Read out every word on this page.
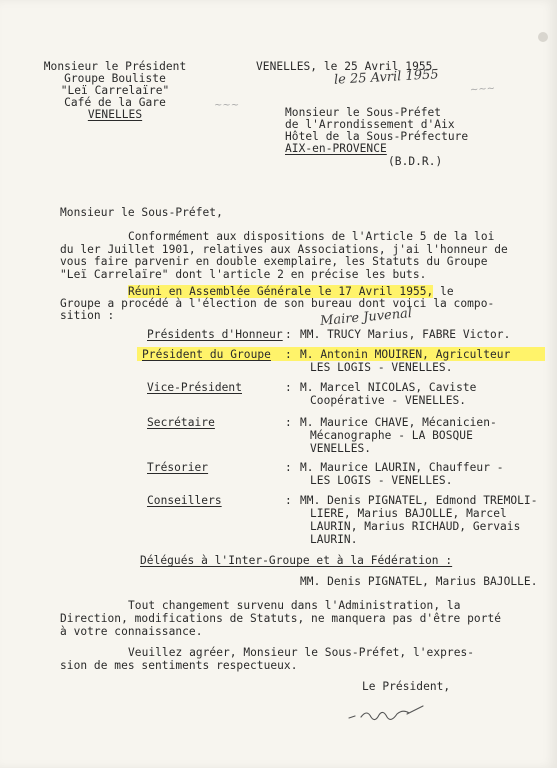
Monsieur le Président
Groupe Bouliste
"Leï Carrelaïre"
Café de la Gare
VENELLES
VENELLES, le 25 Avril 1955
le 25 Avril 1955
~~~
~~~
Monsieur le Sous-Préfet
de l'Arrondissement d'Aix
Hôtel de la Sous-Préfecture
AIX-en-PROVENCE
(B.D.R.)
Monsieur le Sous-Préfet,
Conformément aux dispositions de l'Article 5 de la loi
du ler Juillet 1901, relatives aux Associations, j'ai l'honneur de
vous faire parvenir en double exemplaire, les Statuts du Groupe
"Leï Carrelaïre" dont l'article 2 en précise les buts.
Réuni en Assemblée Générale le 17 Avril 1955, le
Groupe a procédé à l'élection de son bureau dont voici la compo-
sition :	Maire Juvenal
Présidents d'Honneur : MM. TRUCY Marius, FABRE Victor.
Président du Groupe : M. Antonin MOUIREN, Agriculteur
LES LOGIS - VENELLES.
Vice-Président	: M. Marcel NICOLAS, Caviste
Coopérative - VENELLES.
Secrétaire	: M. Maurice CHAVE, Mécanicien-
Mécanographe - LA BOSQUE
VENELLES.
Trésorier	: M. Maurice LAURIN, Chauffeur -
LES LOGIS - VENELLES.
Conseillers	: MM. Denis PIGNATEL, Edmond TREMOLI-
LIERE, Marius BAJOLLE, Marcel
LAURIN, Marius RICHAUD, Gervais
LAURIN.
Délégués à l'Inter-Groupe et à la Fédération :
MM. Denis PIGNATEL, Marius BAJOLLE.
Tout changement survenu dans l'Administration, la
Direction, modifications de Statuts, ne manquera pas d'être porté
à votre connaissance.
Veuillez agréer, Monsieur le Sous-Préfet, l'expres-
sion de mes sentiments respectueux.
Le Président,
